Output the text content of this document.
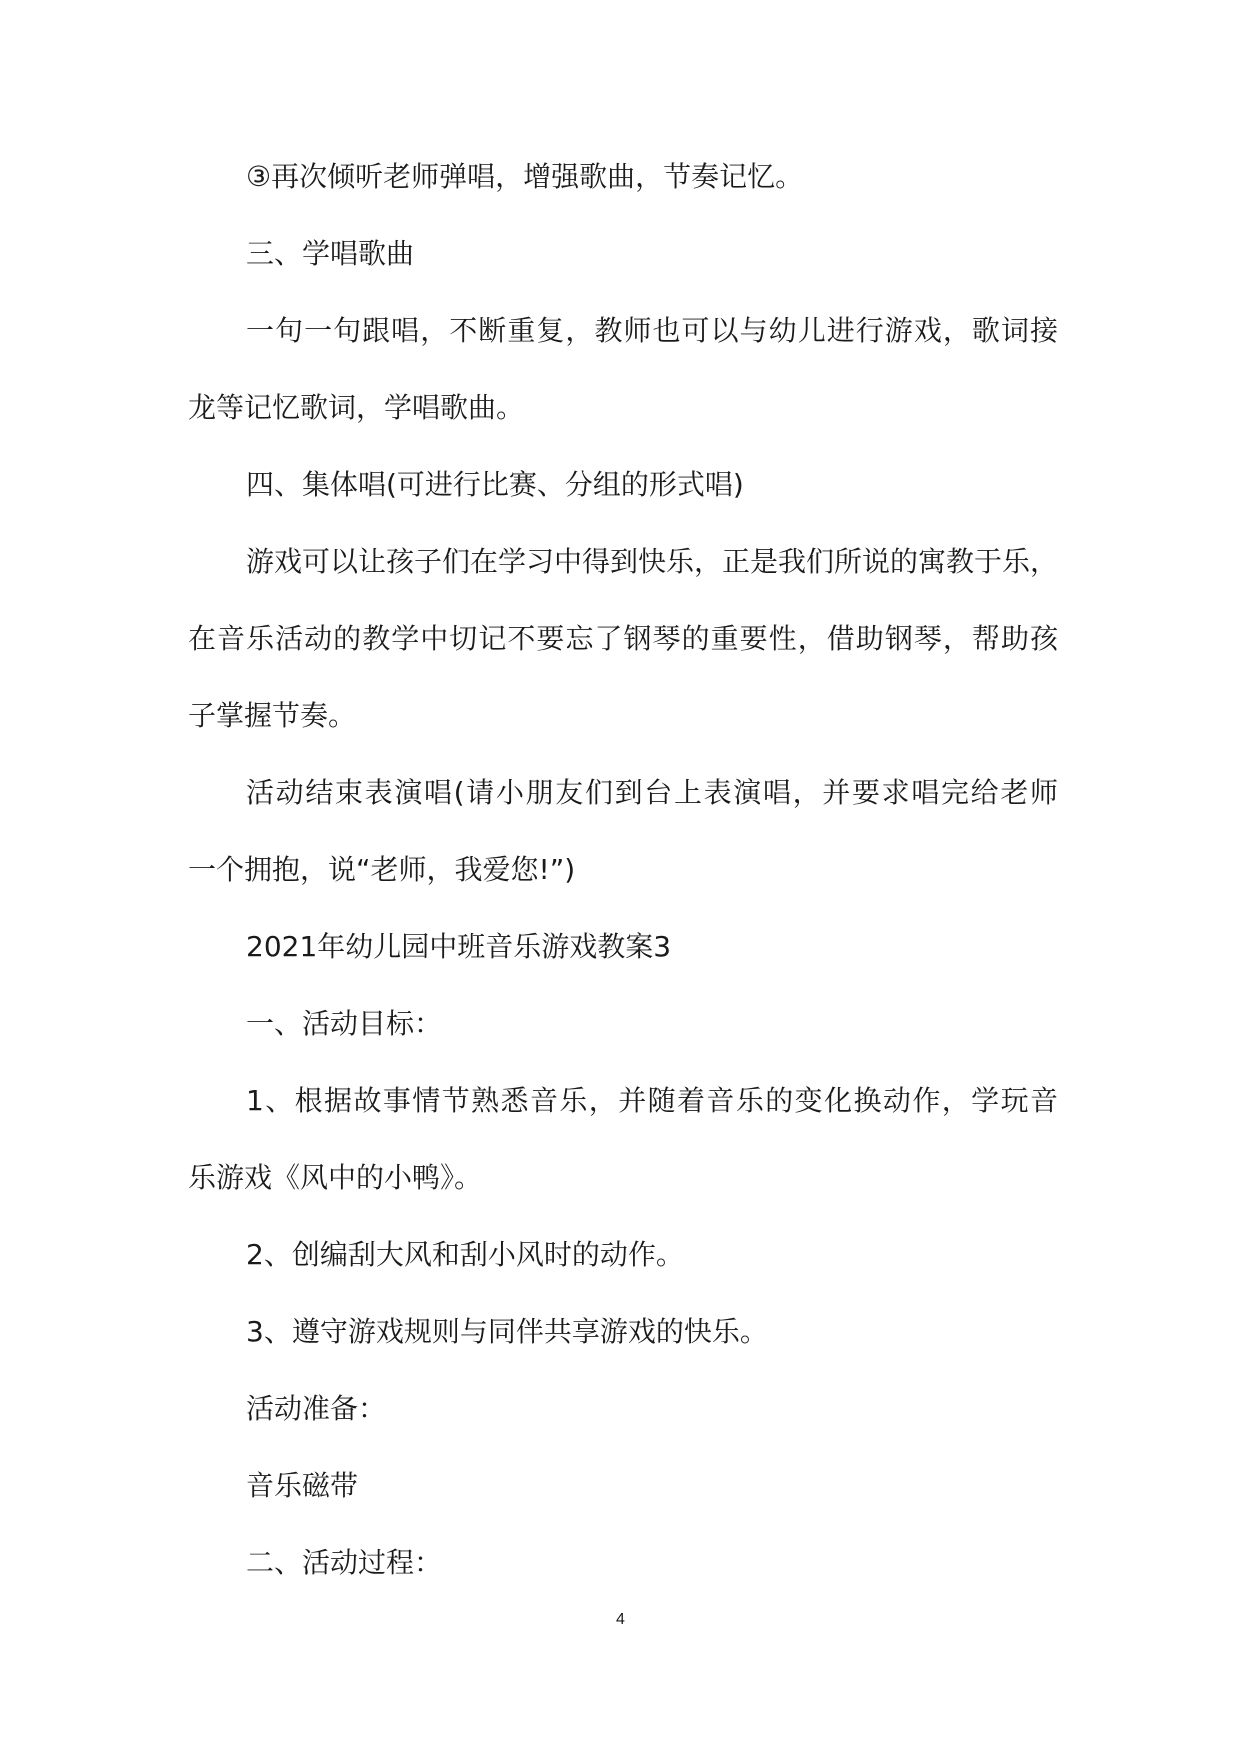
③再次倾听老师弹唱，增强歌曲，节奏记忆。
三、学唱歌曲
一句一句跟唱，不断重复，教师也可以与幼儿进行游戏，歌词接
龙等记忆歌词，学唱歌曲。
四、集体唱(可进行比赛、分组的形式唱)
游戏可以让孩子们在学习中得到快乐，正是我们所说的寓教于乐，
在音乐活动的教学中切记不要忘了钢琴的重要性，借助钢琴，帮助孩
子掌握节奏。
活动结束表演唱(请小朋友们到台上表演唱，并要求唱完给老师
一个拥抱，说“老师，我爱您!”)
2021年幼儿园中班音乐游戏教案3
一、活动目标：
1、根据故事情节熟悉音乐，并随着音乐的变化换动作，学玩音
乐游戏《风中的小鸭》。
2、创编刮大风和刮小风时的动作。
3、遵守游戏规则与同伴共享游戏的快乐。
活动准备：
音乐磁带
二、活动过程：
4
